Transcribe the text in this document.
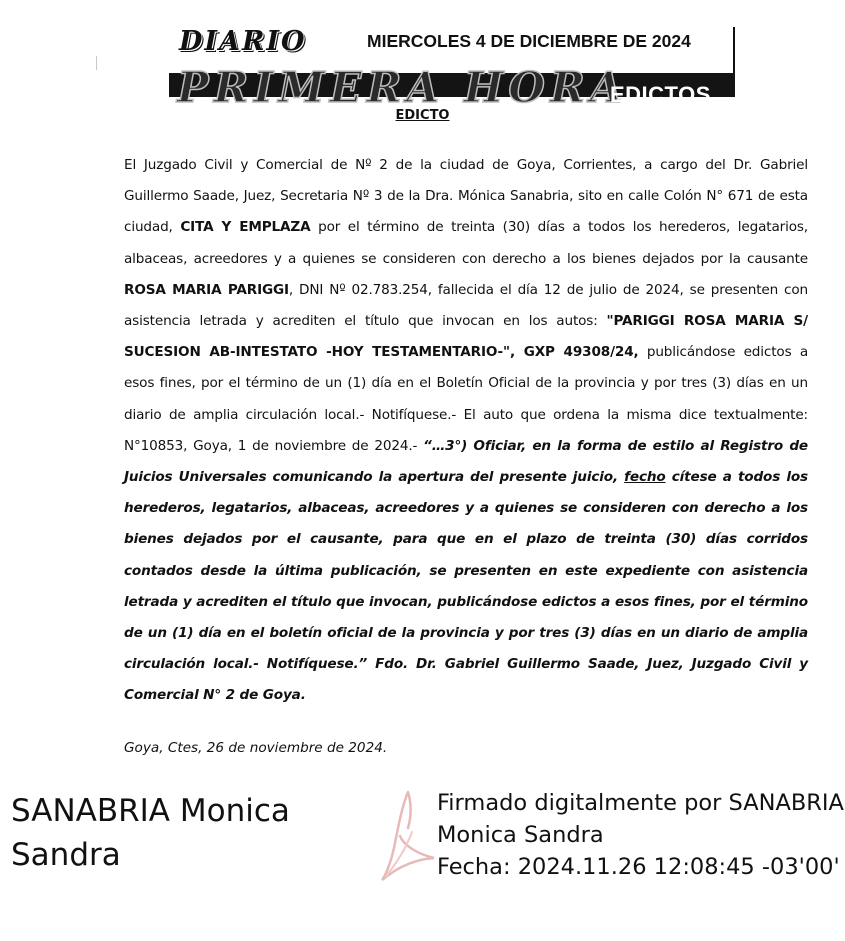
DIARIO	MIERCOLES 4 DE DICIEMBRE DE 2024
PRIMERA HORA
EDICTOS
EDICTO
El Juzgado Civil y Comercial de Nº 2 de la ciudad de Goya, Corrientes, a cargo del Dr. Gabriel Guillermo Saade, Juez, Secretaria Nº 3 de la Dra. Mónica Sanabria, sito en calle Colón N° 671 de esta ciudad, CITA Y EMPLAZA por el término de treinta (30) días a todos los herederos, legatarios, albaceas, acreedores y a quienes se consideren con derecho a los bienes dejados por la causante ROSA MARIA PARIGGI, DNI Nº 02.783.254, fallecida el día 12 de julio de 2024, se presenten con asistencia letrada y acrediten el título que invocan en los autos: "PARIGGI ROSA MARIA S/ SUCESION AB-INTESTATO -HOY TESTAMENTARIO-", GXP 49308/24, publicándose edictos a esos fines, por el término de un (1) día en el Boletín Oficial de la provincia y por tres (3) días en un diario de amplia circulación local.- Notifíquese.- El auto que ordena la misma dice textualmente: N°10853, Goya, 1 de noviembre de 2024.- “…3°) Oficiar, en la forma de estilo al Registro de Juicios Universales comunicando la apertura del presente juicio, fecho cítese a todos los herederos, legatarios, albaceas, acreedores y a quienes se consideren con derecho a los bienes dejados por el causante, para que en el plazo de treinta (30) días corridos contados desde la última publicación, se presenten en este expediente con asistencia letrada y acrediten el título que invocan, publicándose edictos a esos fines, por el término de un (1) día en el boletín oficial de la provincia y por tres (3) días en un diario de amplia circulación local.- Notifíquese.” Fdo. Dr. Gabriel Guillermo Saade, Juez, Juzgado Civil y Comercial N° 2 de Goya.
Goya, Ctes, 26 de noviembre de 2024.
SANABRIA Monica
Sandra
Firmado digitalmente por SANABRIA
Monica Sandra
Fecha: 2024.11.26 12:08:45 -03'00'
